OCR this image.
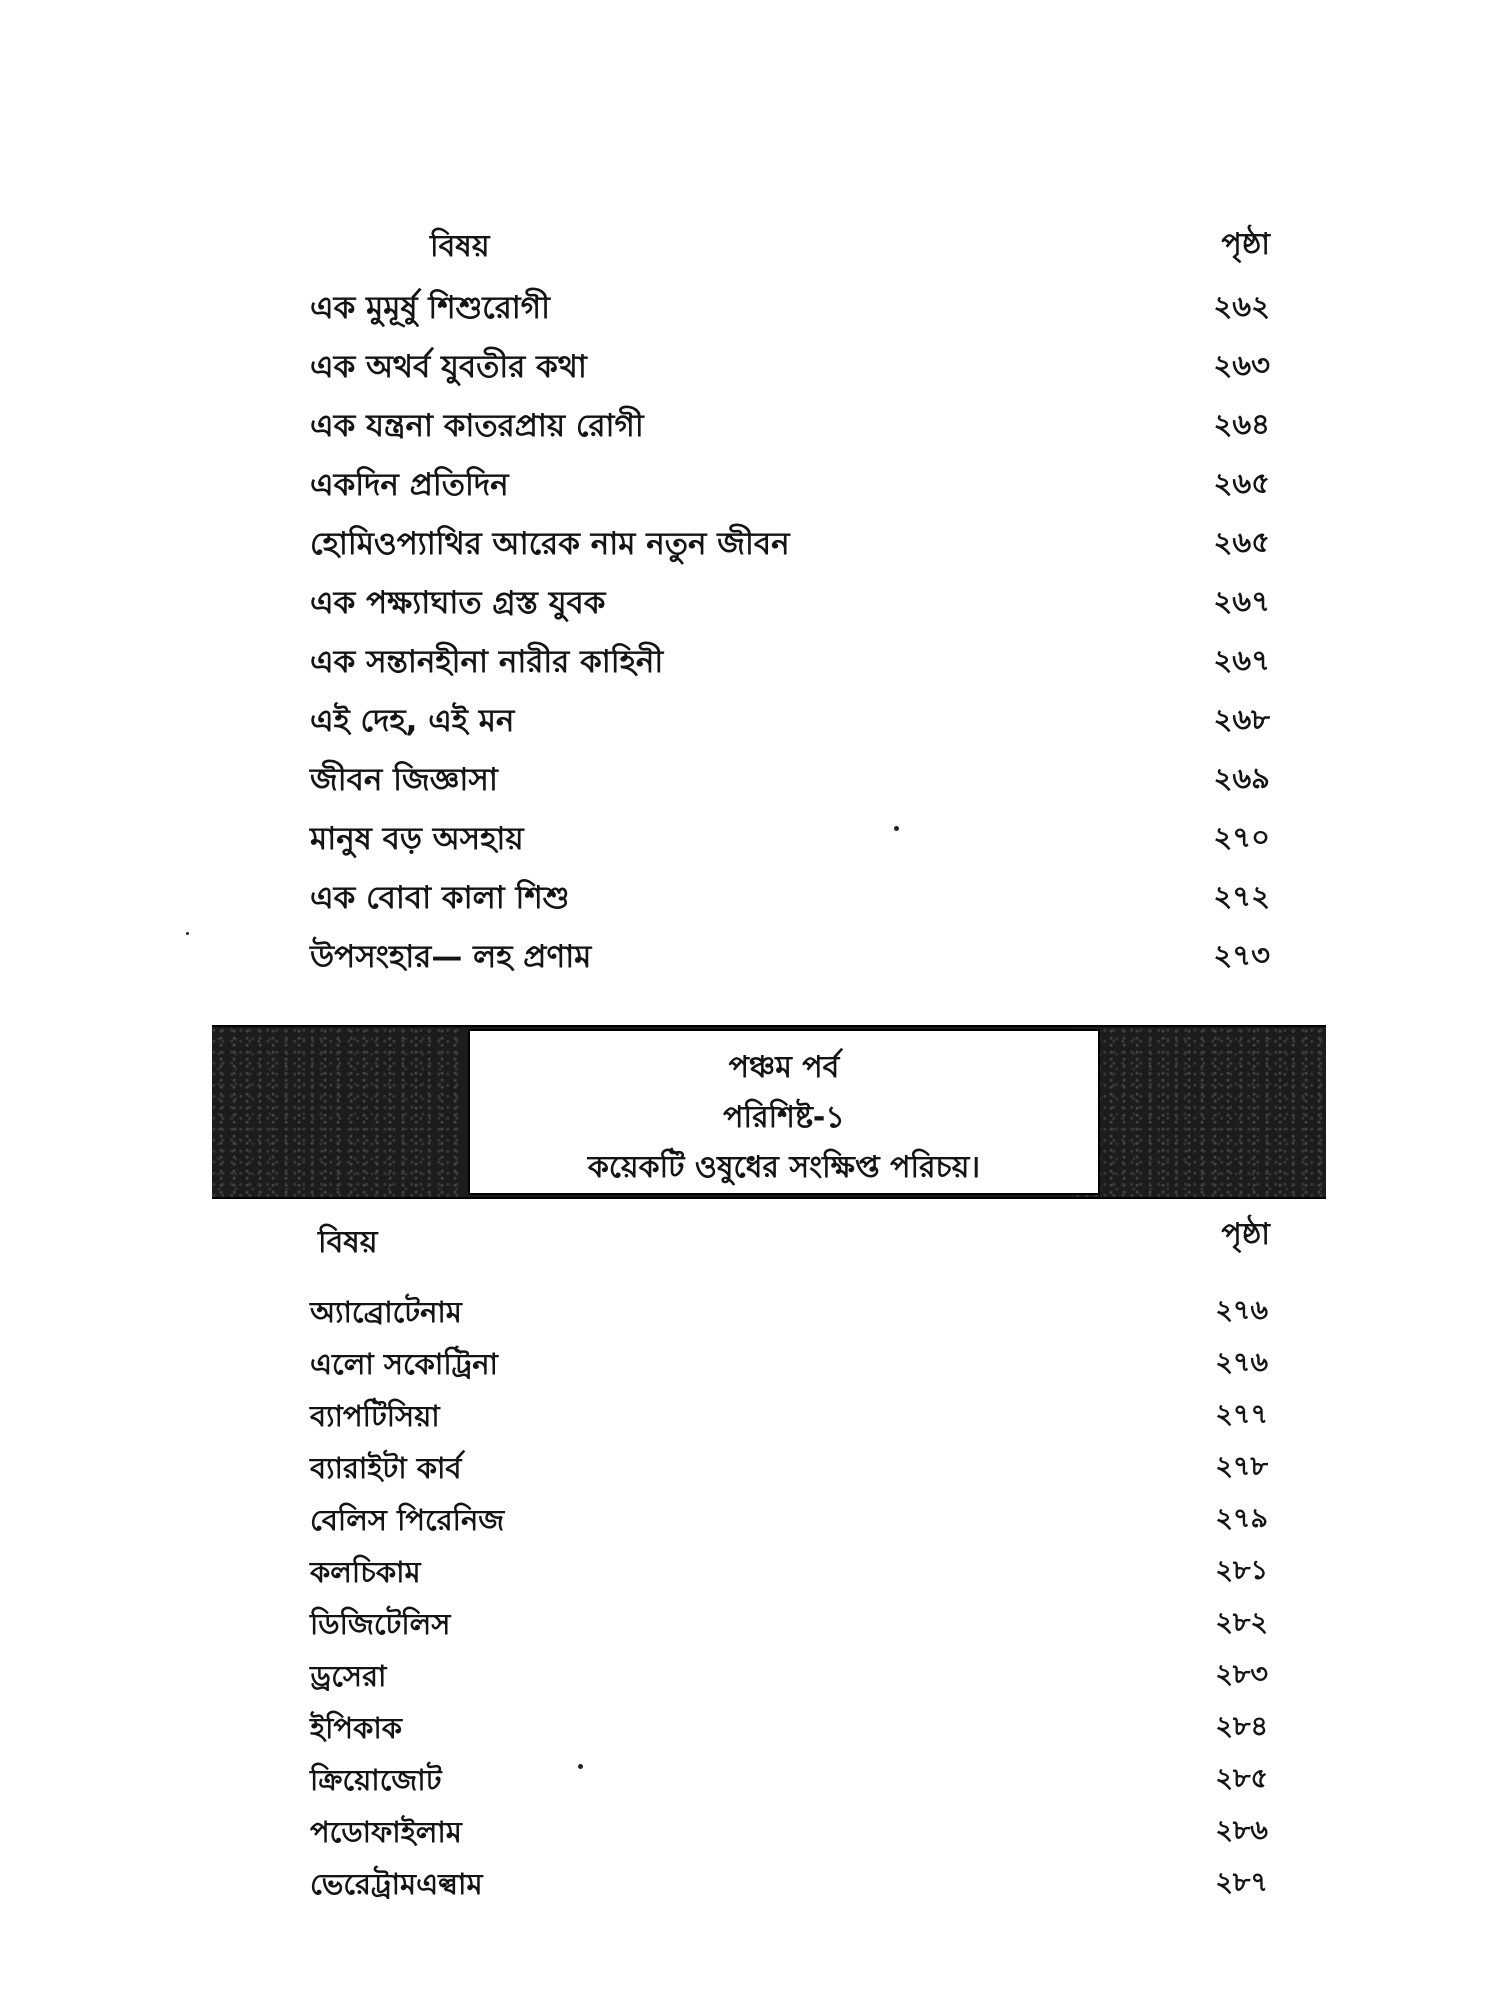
বিষয়	পৃষ্ঠা
এক মুমূর্ষু শিশুরোগী	২৬২
এক অথর্ব যুবতীর কথা	২৬৩
এক যন্ত্রনা কাতরপ্রায় রোগী	২৬৪
একদিন প্রতিদিন	২৬৫
হোমিওপ্যাথির আরেক নাম নতুন জীবন	২৬৫
এক পক্ষ্যাঘাত গ্রস্ত যুবক	২৬৭
এক সন্তানহীনা নারীর কাহিনী	২৬৭
এই দেহ, এই মন	২৬৮
জীবন জিজ্ঞাসা	২৬৯
মানুষ বড় অসহায়	২৭০
এক বোবা কালা শিশু	২৭২
উপসংহার— লহ প্রণাম	২৭৩
পঞ্চম পর্ব
পরিশিষ্ট-১
কয়েকটি ওষুধের সংক্ষিপ্ত পরিচয়।
বিষয়	পৃষ্ঠা
অ্যাব্রোটেনাম	২৭৬
এলো সকোট্রিনা	২৭৬
ব্যাপটিসিয়া	২৭৭
ব্যারাইটা কার্ব	২৭৮
বেলিস পিরেনিজ	২৭৯
কলচিকাম	২৮১
ডিজিটেলিস	২৮২
ড্রসেরা	২৮৩
ইপিকাক	২৮৪
ক্রিয়োজোট	২৮৫
পডোফাইলাম	২৮৬
ভেরেট্রামএল্বাম	২৮৭
